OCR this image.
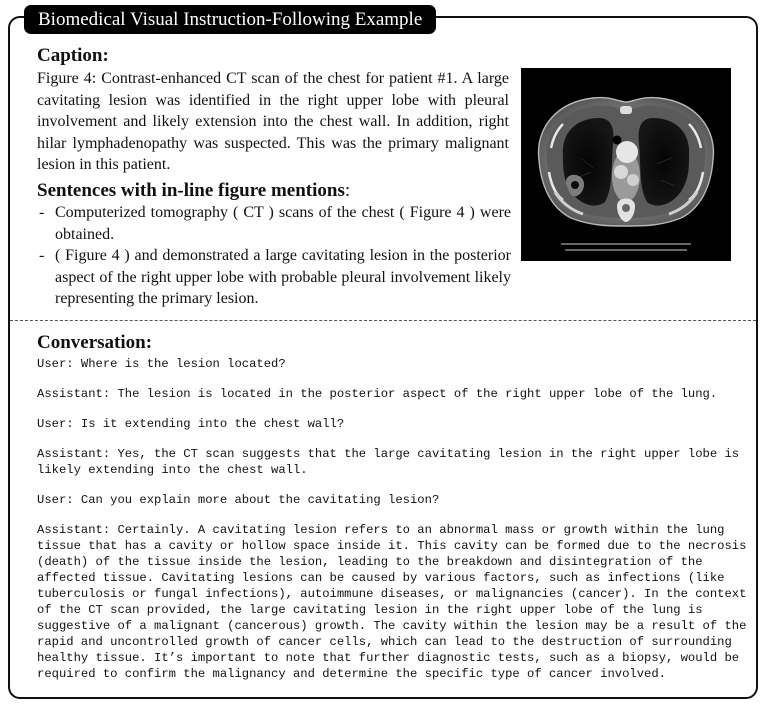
Biomedical Visual Instruction-Following Example
Caption:

Figure 4: Contrast-enhanced CT scan of the chest for patient #1. A large cavitating lesion was identified in the right upper lobe with pleural involvement and likely extension into the chest wall. In addition, right hilar lymphadenopathy was suspected. This was the primary malignant lesion in this patient.

Sentences with in-line figure mentions:
- Computerized tomography ( CT ) scans of the chest ( Figure 4 ) were obtained.
- ( Figure 4 ) and demonstrated a large cavitating lesion in the posterior aspect of the right upper lobe with probable pleural involvement likely representing the primary lesion.
Conversation:
User: Where is the lesion located?
Assistant: The lesion is located in the posterior aspect of the right upper lobe of the lung.
User: Is it extending into the chest wall?
Assistant: Yes, the CT scan suggests that the large cavitating lesion in the right upper lobe is
likely extending into the chest wall.
User: Can you explain more about the cavitating lesion?
Assistant: Certainly. A cavitating lesion refers to an abnormal mass or growth within the lung
tissue that has a cavity or hollow space inside it. This cavity can be formed due to the necrosis
(death) of the tissue inside the lesion, leading to the breakdown and disintegration of the
affected tissue. Cavitating lesions can be caused by various factors, such as infections (like
tuberculosis or fungal infections), autoimmune diseases, or malignancies (cancer). In the context
of the CT scan provided, the large cavitating lesion in the right upper lobe of the lung is
suggestive of a malignant (cancerous) growth. The cavity within the lesion may be a result of the
rapid and uncontrolled growth of cancer cells, which can lead to the destruction of surrounding
healthy tissue. It’s important to note that further diagnostic tests, such as a biopsy, would be
required to confirm the malignancy and determine the specific type of cancer involved.
